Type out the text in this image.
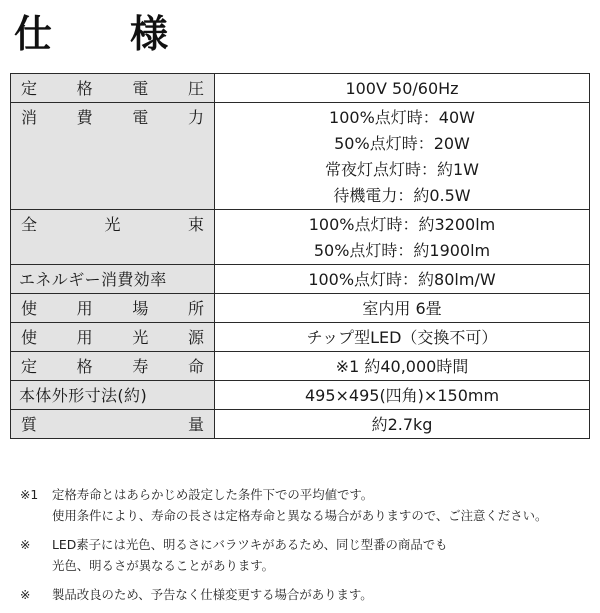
仕　様
定 格 電 圧	100V 50/60Hz

消 費 電 力	100%点灯時：40W
50%点灯時：20W
常夜灯点灯時：約1W
待機電力：約0.5W

全 光 束	100%点灯時：約3200lm
50%点灯時：約1900lm

エネルギー消費効率	100%点灯時：約80lm/W

使 用 場 所	室内用 6畳

使 用 光 源	チップ型LED（交換不可）

定 格 寿 命	※1 約40,000時間

本体外形寸法(約)	495×495(四角)×150mm

質 量	約2.7kg
※1	定格寿命とはあらかじめ設定した条件下での平均値です。
使用条件により、寿命の長さは定格寿命と異なる場合がありますので、ご注意ください。
※	LED素子には光色、明るさにバラツキがあるため、同じ型番の商品でも
光色、明るさが異なることがあります。
※	製品改良のため、予告なく仕様変更する場合があります。
